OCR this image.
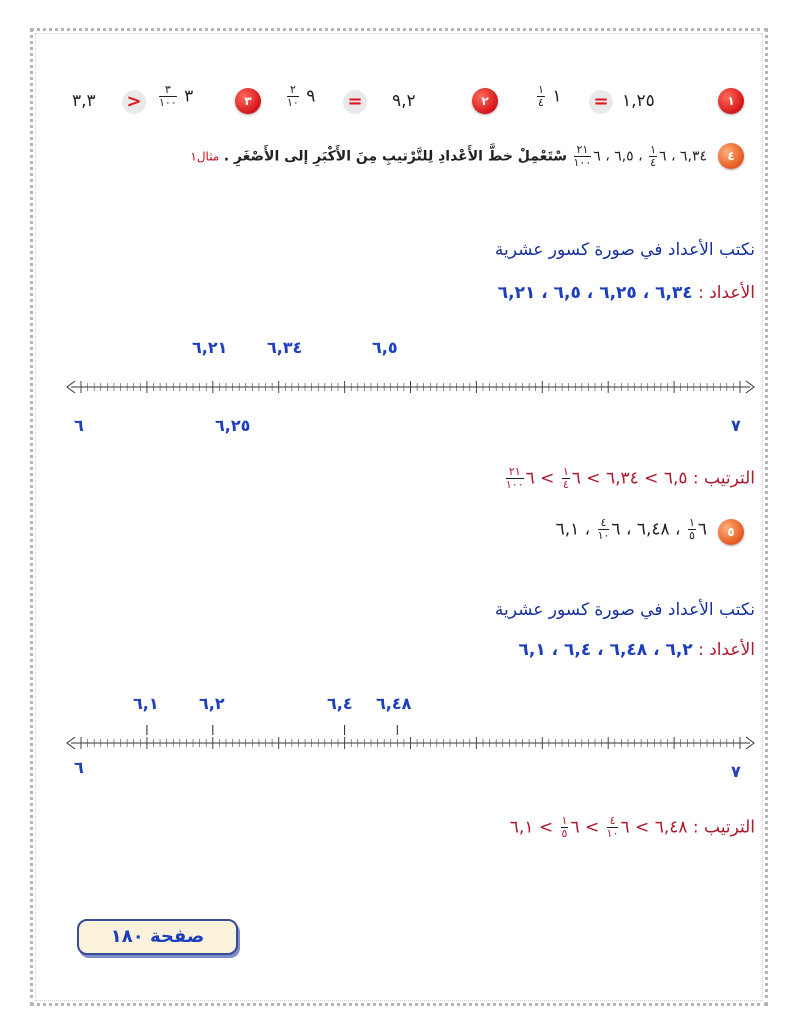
١
١,٢٥
=
١
$\frac{١}{٤}$
٢
٩,٢
=
٩
$\frac{٢}{١٠}$
٣
٣
$\frac{٣}{١٠٠}$
>
٣,٣
٤
٦,٣٤ ، ٦
$\frac{١}{٤}$
، ٦,٥ ، ٦
$\frac{٢١}{١٠٠}$
سْتَعْمِلْ خطَّ الأَعْدادِ لِلتَّرْتيبِ مِنَ الأَكْبَرِ إلى الأَصْغَرِ . مثال١
نكتب الأعداد في صورة كسور عشرية
الأعداد : ٦,٣٤ ، ٦,٢٥ ، ٦,٥ ، ٦,٢١
٦,٢١ ٦,٣٤	٦,٥
٦	٦,٢٥	٧
الترتيب : ٦,٥ > ٦,٣٤ > ٦
$\frac{١}{٤}$
> ٦
$\frac{٢١}{١٠٠}$
٥
٦
$\frac{١}{٥}$
، ٦,٤٨ ، ٦
$\frac{٤}{١٠}$
، ٦,١
نكتب الأعداد في صورة كسور عشرية
الأعداد : ٦,٢ ، ٦,٤٨ ، ٦,٤ ، ٦,١
٦,١	٦,٢	٦,٤ ٦,٤٨
٦	٧
الترتيب : ٦,٤٨ > ٦
$\frac{٤}{١٠}$
> ٦
$\frac{١}{٥}$
> ٦,١
صفحة ١٨٠
